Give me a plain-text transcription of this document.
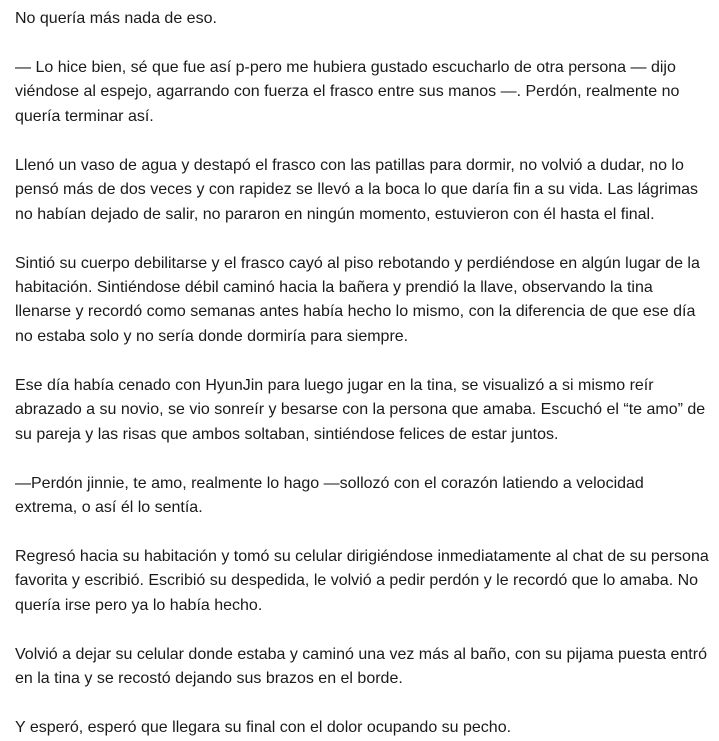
No quería más nada de eso.

— Lo hice bien, sé que fue así p-pero me hubiera gustado escucharlo de otra persona — dijo viéndose al espejo, agarrando con fuerza el frasco entre sus manos —. Perdón, realmente no quería terminar así.

Llenó un vaso de agua y destapó el frasco con las patillas para dormir, no volvió a dudar, no lo pensó más de dos veces y con rapidez se llevó a la boca lo que daría fin a su vida. Las lágrimas no habían dejado de salir, no pararon en ningún momento, estuvieron con él hasta el final.

Sintió su cuerpo debilitarse y el frasco cayó al piso rebotando y perdiéndose en algún lugar de la habitación. Sintiéndose débil caminó hacia la bañera y prendió la llave, observando la tina llenarse y recordó como semanas antes había hecho lo mismo, con la diferencia de que ese día no estaba solo y no sería donde dormiría para siempre.

Ese día había cenado con HyunJin para luego jugar en la tina, se visualizó a si mismo reír abrazado a su novio, se vio sonreír y besarse con la persona que amaba. Escuchó el “te amo” de su pareja y las risas que ambos soltaban, sintiéndose felices de estar juntos.

—Perdón jinnie, te amo, realmente lo hago —sollozó con el corazón latiendo a velocidad extrema, o así él lo sentía.

Regresó hacia su habitación y tomó su celular dirigiéndose inmediatamente al chat de su persona favorita y escribió. Escribió su despedida, le volvió a pedir perdón y le recordó que lo amaba. No quería irse pero ya lo había hecho.

Volvió a dejar su celular donde estaba y caminó una vez más al baño, con su pijama puesta entró en la tina y se recostó dejando sus brazos en el borde.

Y esperó, esperó que llegara su final con el dolor ocupando su pecho.
